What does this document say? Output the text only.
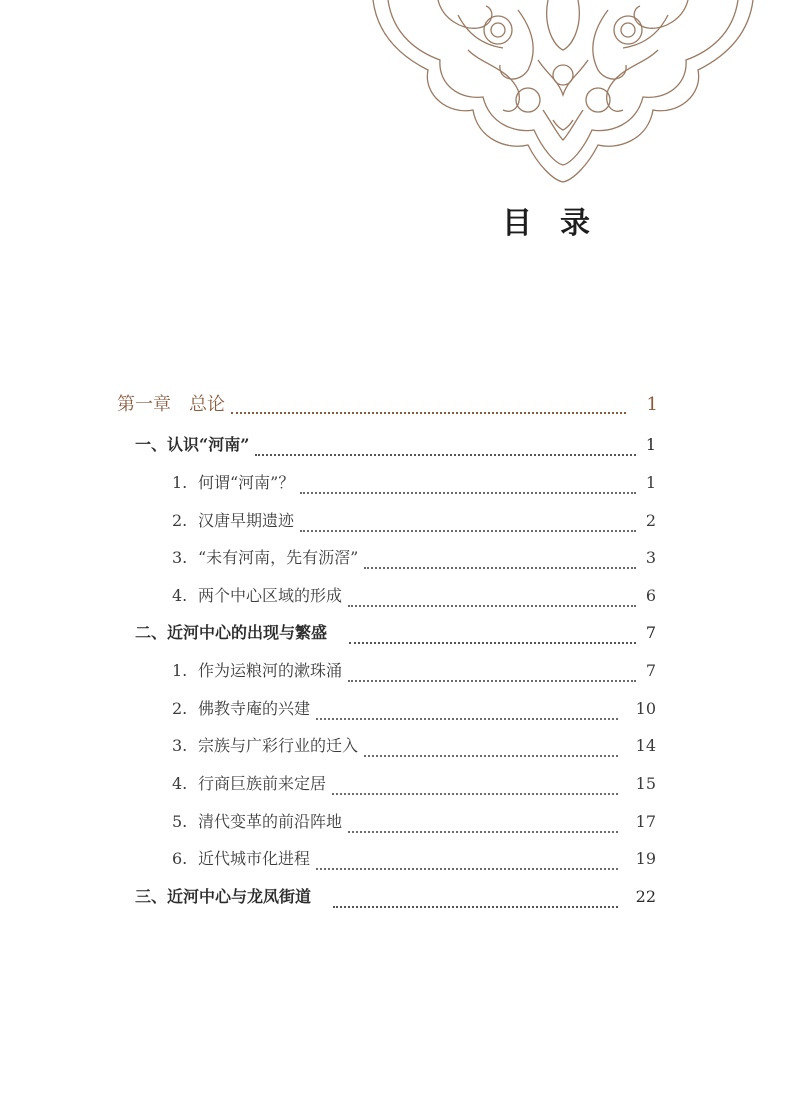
目录
第一章　总论	1
一、认识“河南”	1
1. 何谓“河南”？	1
2. 汉唐早期遗迹	2
3. “未有河南，先有沥滘”	3
4. 两个中心区域的形成	6
二、近河中心的出现与繁盛	7
1. 作为运粮河的漱珠涌	7
2. 佛教寺庵的兴建	10
3. 宗族与广彩行业的迁入	14
4. 行商巨族前来定居	15
5. 清代变革的前沿阵地	17
6. 近代城市化进程	19
三、近河中心与龙凤街道	22
